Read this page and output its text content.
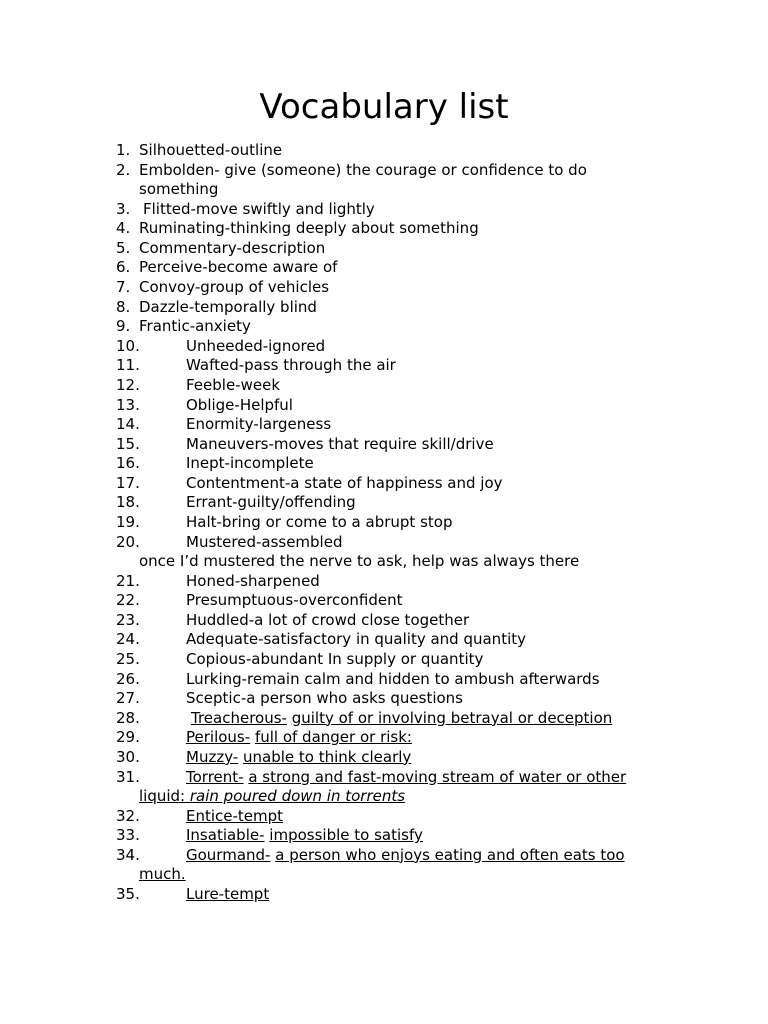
Vocabulary list
1. Silhouetted-outline
2. Embolden- give (someone) the courage or confidence to do
something
3. Flitted-move swiftly and lightly
4. Ruminating-thinking deeply about something
5. Commentary-description
6. Perceive-become aware of
7. Convoy-group of vehicles
8. Dazzle-temporally blind
9. Frantic-anxiety
10.	Unheeded-ignored
11.	Wafted-pass through the air
12.	Feeble-week
13.	Oblige-Helpful
14.	Enormity-largeness
15.	Maneuvers-moves that require skill/drive
16.	Inept-incomplete
17.	Contentment-a state of happiness and joy
18.	Errant-guilty/offending
19.	Halt-bring or come to a abrupt stop
20.	Mustered-assembled
once I’d mustered the nerve to ask, help was always there
21.	Honed-sharpened
22.	Presumptuous-overconfident
23.	Huddled-a lot of crowd close together
24.	Adequate-satisfactory in quality and quantity
25.	Copious-abundant In supply or quantity
26.	Lurking-remain calm and hidden to ambush afterwards
27.	Sceptic-a person who asks questions
28.	Treacherous- guilty of or involving betrayal or deception
29.	Perilous- full of danger or risk:
30.	Muzzy- unable to think clearly
31.	Torrent- a strong and fast-moving stream of water or other
liquid: rain poured down in torrents
32.	Entice-tempt
33.	Insatiable- impossible to satisfy
34.	Gourmand- a person who enjoys eating and often eats too
much.
35.	Lure-tempt
